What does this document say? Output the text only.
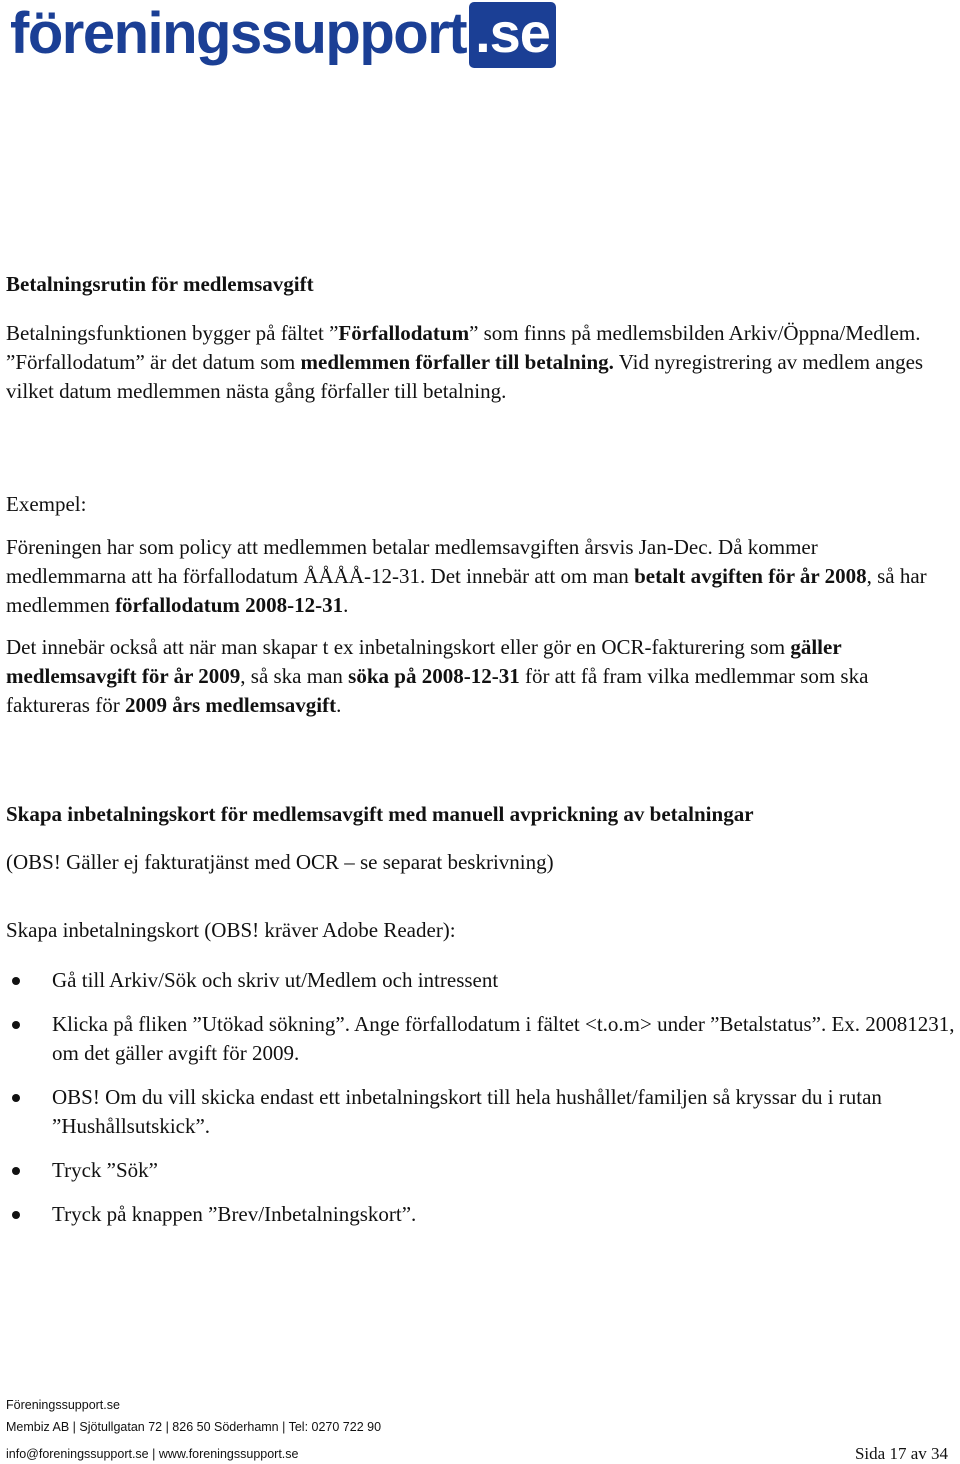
föreningssupport .se
Betalningsrutin för medlemsavgift
Betalningsfunktionen bygger på fältet ”Förfallodatum” som finns på medlemsbilden Arkiv/Öppna/Medlem. ”Förfallodatum” är det datum som medlemmen förfaller till betalning. Vid nyregistrering av medlem anges vilket datum medlemmen nästa gång förfaller till betalning.
Exempel:
Föreningen har som policy att medlemmen betalar medlemsavgiften årsvis Jan-Dec. Då kommer medlemmarna att ha förfallodatum ÅÅÅÅ-12-31. Det innebär att om man betalt avgiften för år 2008, så har medlemmen förfallodatum 2008-12-31.
Det innebär också att när man skapar t ex inbetalningskort eller gör en OCR-fakturering som gäller medlemsavgift för år 2009, så ska man söka på 2008-12-31 för att få fram vilka medlemmar som ska faktureras för 2009 års medlemsavgift.
Skapa inbetalningskort för medlemsavgift med manuell avprickning av betalningar
(OBS! Gäller ej fakturatjänst med OCR – se separat beskrivning)
Skapa inbetalningskort (OBS! kräver Adobe Reader):
Gå till Arkiv/Sök och skriv ut/Medlem och intressent
Klicka på fliken ”Utökad sökning”. Ange förfallodatum i fältet <t.o.m> under ”Betalstatus”. Ex. 20081231, om det gäller avgift för 2009.
OBS! Om du vill skicka endast ett inbetalningskort till hela hushållet/familjen så kryssar du i rutan ”Hushållsutskick”.
Tryck ”Sök”
Tryck på knappen ”Brev/Inbetalningskort”.
Föreningssupport.se
Membiz AB | Sjötullgatan 72 | 826 50 Söderhamn | Tel: 0270 722 90
info@foreningssupport.se | www.foreningssupport.se	Sida 17 av 34
